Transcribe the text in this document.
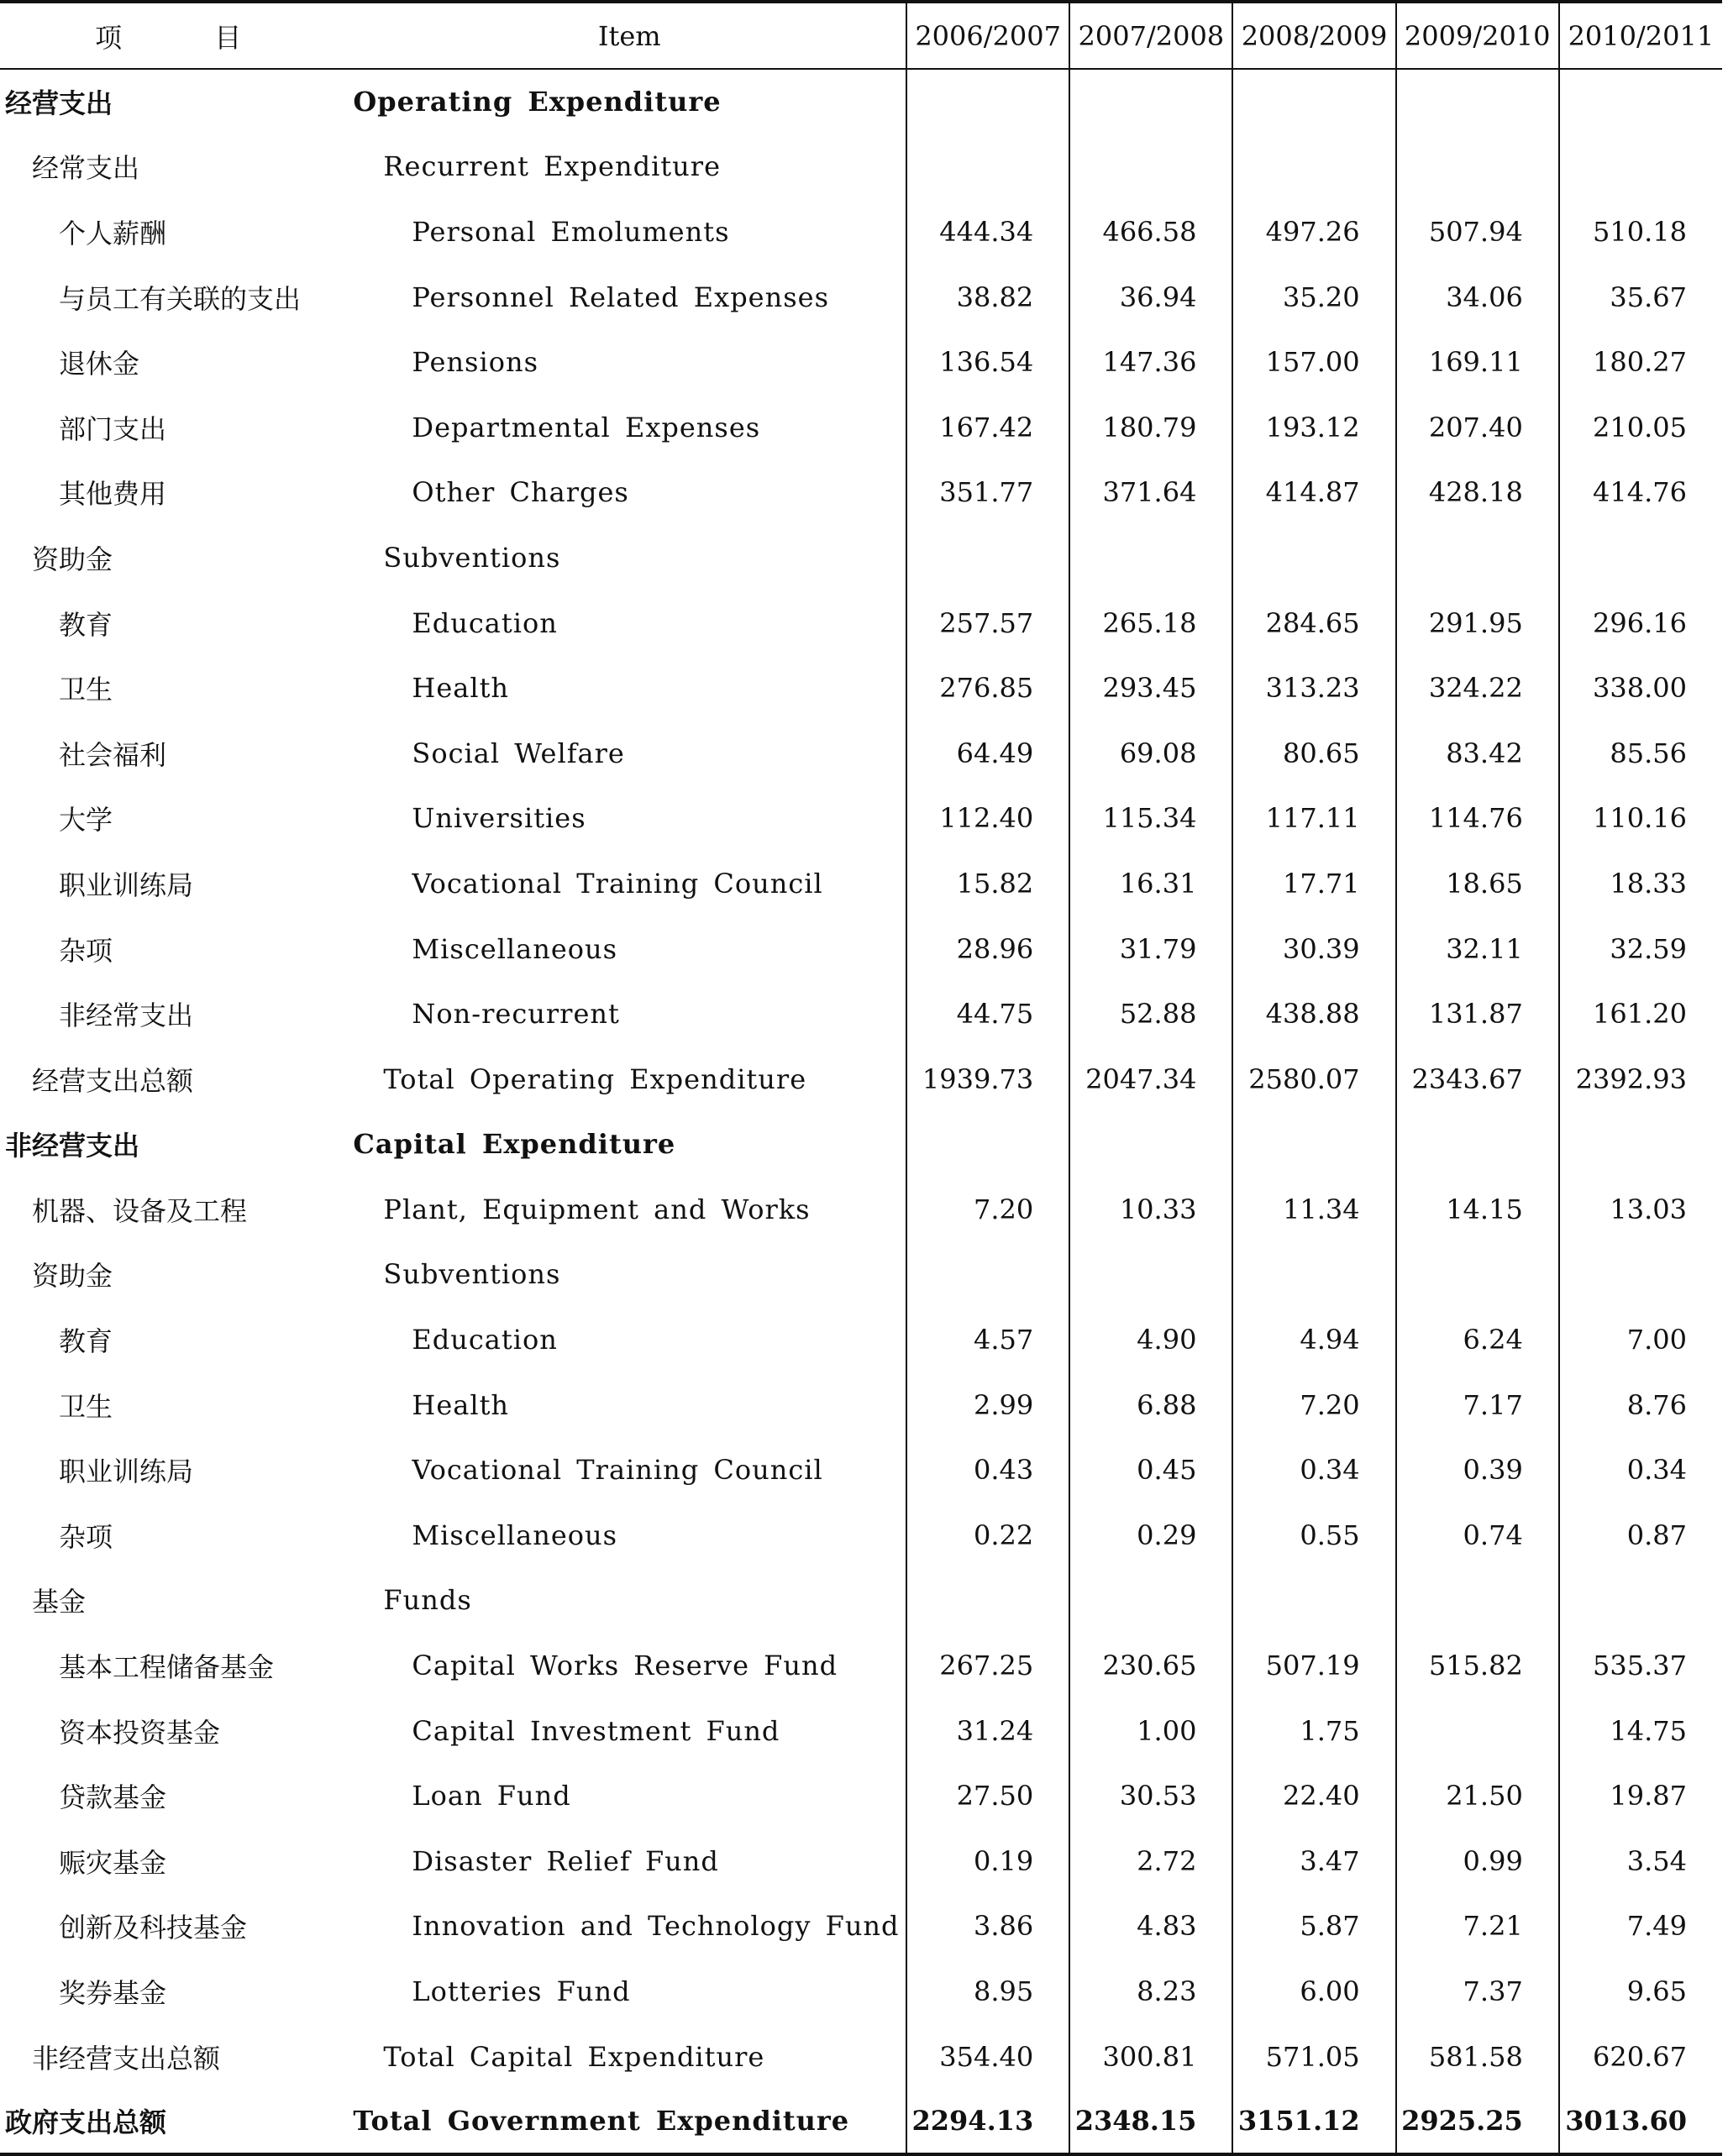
项 目	Item	2006/2007	2007/2008	2008/2009	2009/2010	2010/2011
经营支出	Operating Expenditure					
经常支出	Recurrent Expenditure					
个人薪酬	Personal Emoluments	444.34	466.58	497.26	507.94	510.18
与员工有关联的支出	Personnel Related Expenses	38.82	36.94	35.20	34.06	35.67
退休金	Pensions	136.54	147.36	157.00	169.11	180.27
部门支出	Departmental Expenses	167.42	180.79	193.12	207.40	210.05
其他费用	Other Charges	351.77	371.64	414.87	428.18	414.76
资助金	Subventions					
教育	Education	257.57	265.18	284.65	291.95	296.16
卫生	Health	276.85	293.45	313.23	324.22	338.00
社会福利	Social Welfare	64.49	69.08	80.65	83.42	85.56
大学	Universities	112.40	115.34	117.11	114.76	110.16
职业训练局	Vocational Training Council	15.82	16.31	17.71	18.65	18.33
杂项	Miscellaneous	28.96	31.79	30.39	32.11	32.59
非经常支出	Non-recurrent	44.75	52.88	438.88	131.87	161.20
经营支出总额	Total Operating Expenditure	1939.73	2047.34	2580.07	2343.67	2392.93
非经营支出	Capital Expenditure					
机器、设备及工程	Plant, Equipment and Works	7.20	10.33	11.34	14.15	13.03
资助金	Subventions					
教育	Education	4.57	4.90	4.94	6.24	7.00
卫生	Health	2.99	6.88	7.20	7.17	8.76
职业训练局	Vocational Training Council	0.43	0.45	0.34	0.39	0.34
杂项	Miscellaneous	0.22	0.29	0.55	0.74	0.87
基金	Funds					
基本工程储备基金	Capital Works Reserve Fund	267.25	230.65	507.19	515.82	535.37
资本投资基金	Capital Investment Fund	31.24	1.00	1.75		14.75
贷款基金	Loan Fund	27.50	30.53	22.40	21.50	19.87
赈灾基金	Disaster Relief Fund	0.19	2.72	3.47	0.99	3.54
创新及科技基金	Innovation and Technology Fund	3.86	4.83	5.87	7.21	7.49
奖券基金	Lotteries Fund	8.95	8.23	6.00	7.37	9.65
非经营支出总额	Total Capital Expenditure	354.40	300.81	571.05	581.58	620.67
政府支出总额	Total Government Expenditure	2294.13	2348.15	3151.12	2925.25	3013.60
